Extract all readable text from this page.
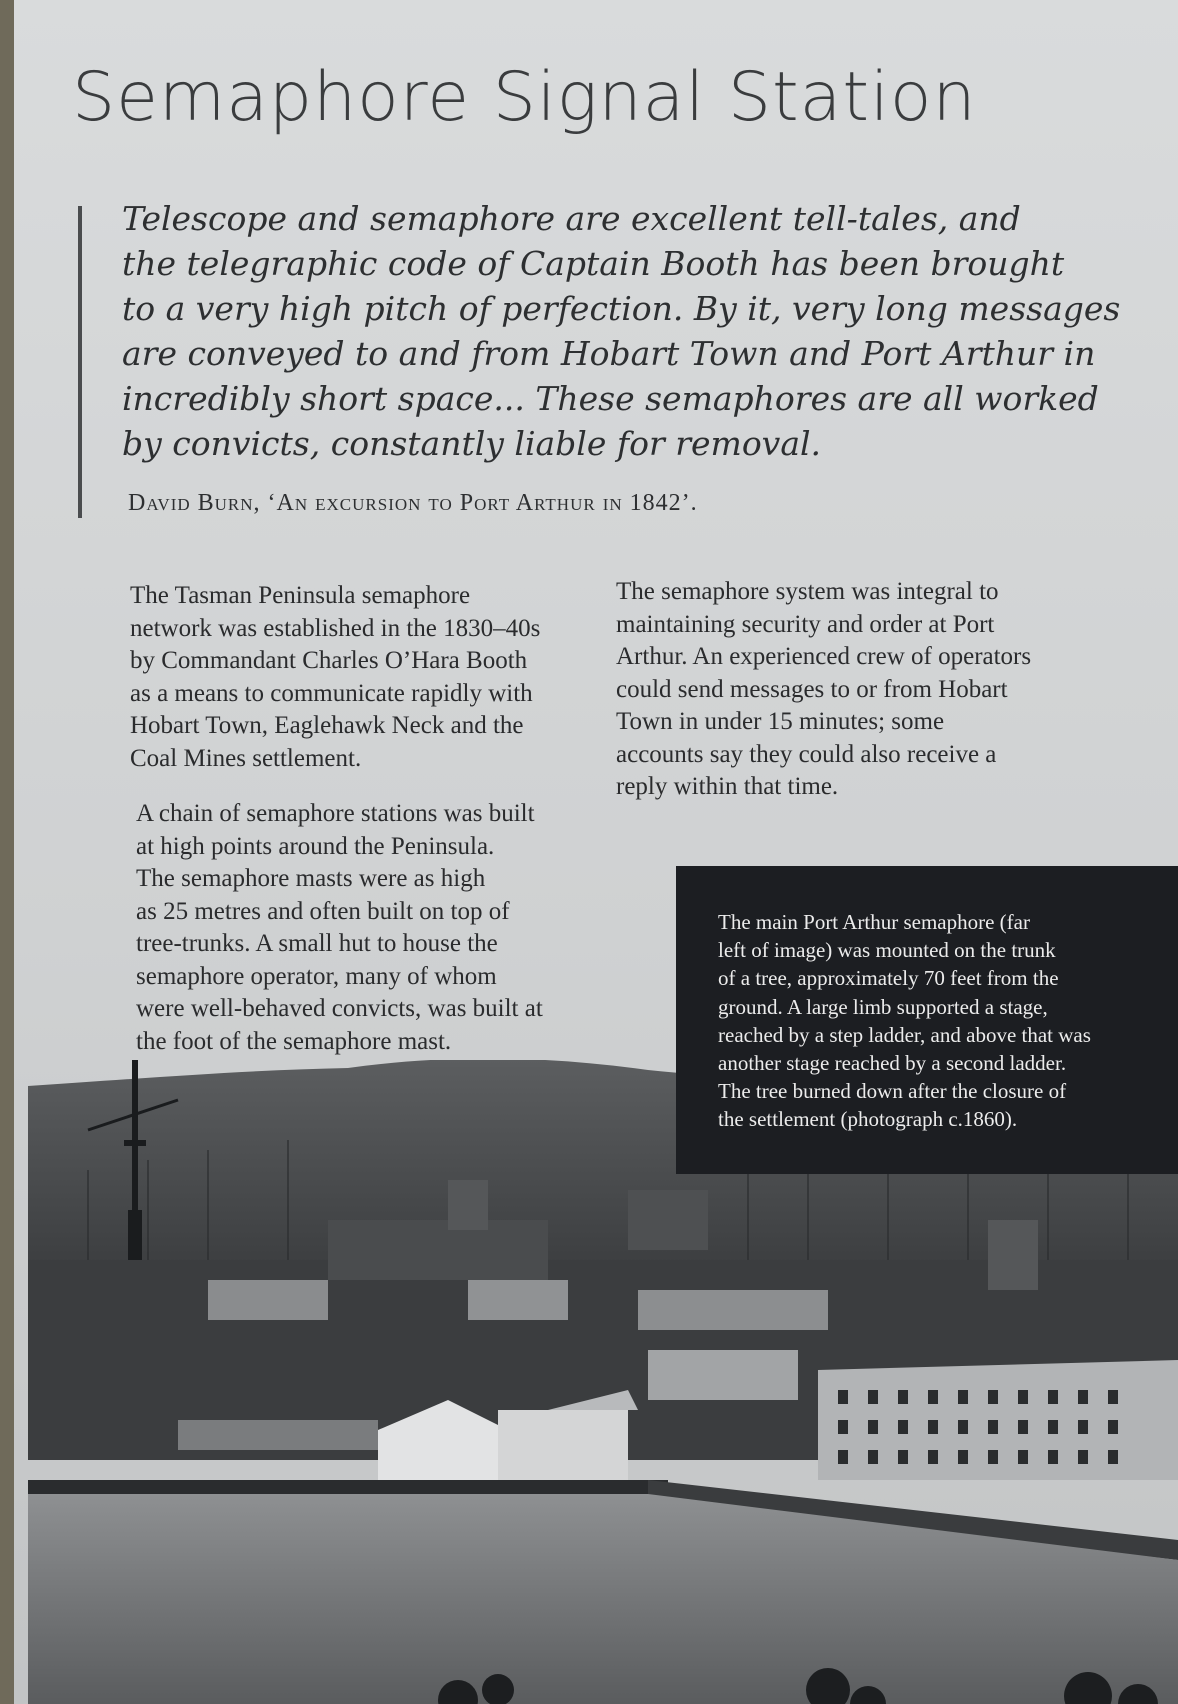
Semaphore Signal Station
Telescope and semaphore are excellent tell-tales, and
the telegraphic code of Captain Booth has been brought
to a very high pitch of perfection. By it, very long messages
are conveyed to and from Hobart Town and Port Arthur in
incredibly short space... These semaphores are all worked
by convicts, constantly liable for removal.
David Burn, ‘An excursion to Port Arthur in 1842’.
The Tasman Peninsula semaphore
network was established in the 1830–40s
by Commandant Charles O’Hara Booth
as a means to communicate rapidly with
Hobart Town, Eaglehawk Neck and the
Coal Mines settlement.
A chain of semaphore stations was built
at high points around the Peninsula.
The semaphore masts were as high
as 25 metres and often built on top of
tree-trunks. A small hut to house the
semaphore operator, many of whom
were well-behaved convicts, was built at
the foot of the semaphore mast.
The semaphore system was integral to
maintaining security and order at Port
Arthur. An experienced crew of operators
could send messages to or from Hobart
Town in under 15 minutes; some
accounts say they could also receive a
reply within that time.
The main Port Arthur semaphore (far
left of image) was mounted on the trunk
of a tree, approximately 70 feet from the
ground. A large limb supported a stage,
reached by a step ladder, and above that was
another stage reached by a second ladder.
The tree burned down after the closure of
the settlement (photograph c.1860).
